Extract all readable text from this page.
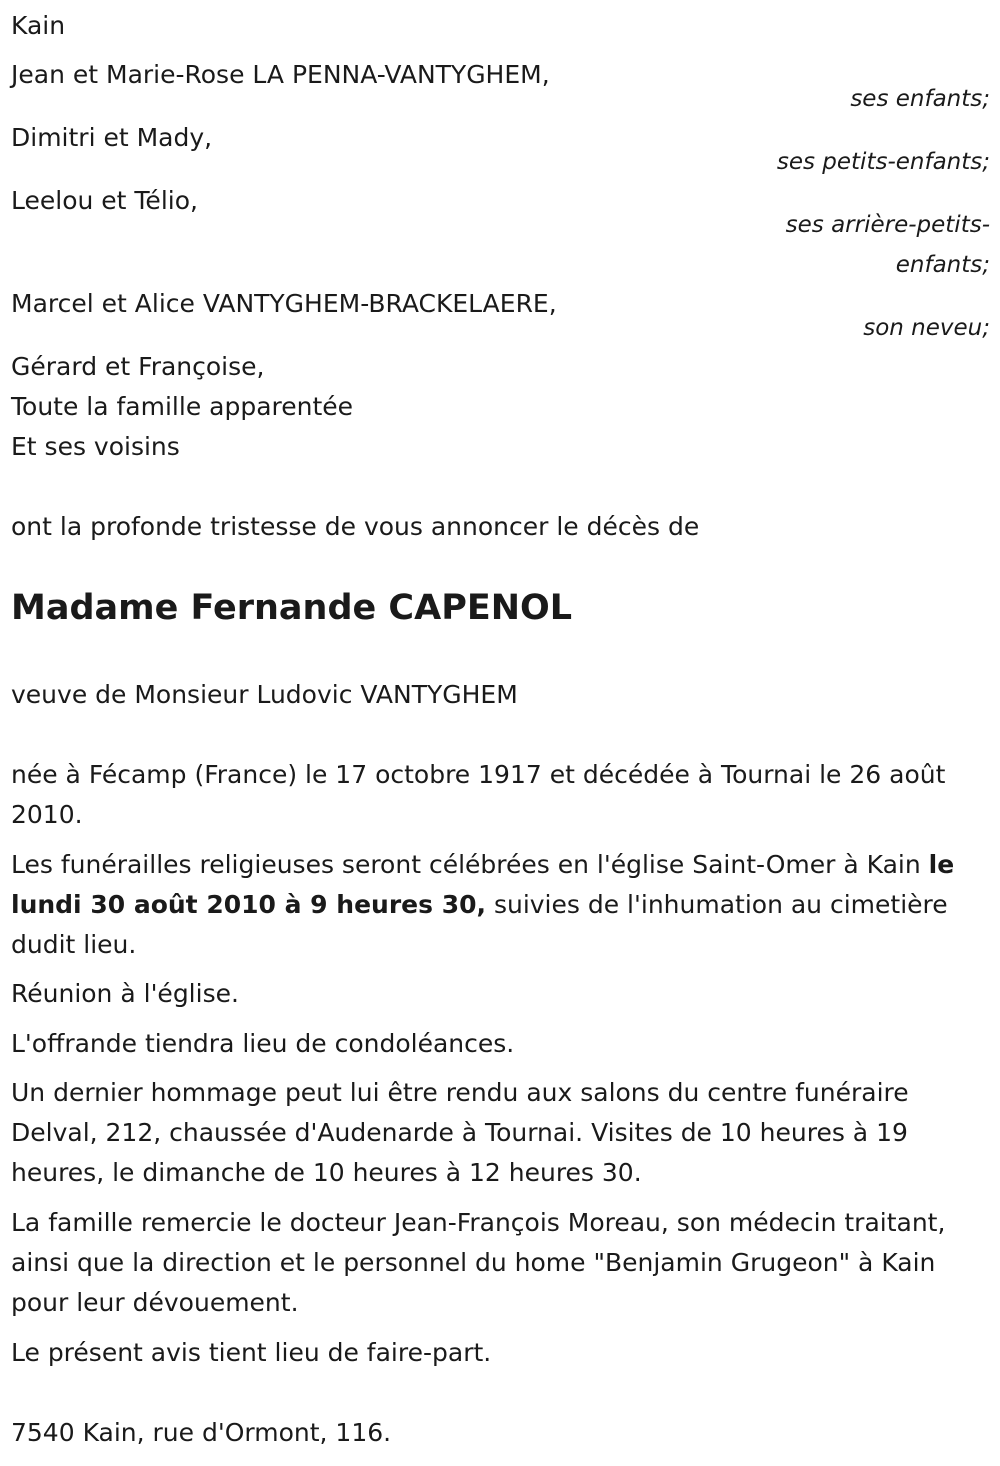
Kain
Jean et Marie-Rose LA PENNA-VANTYGHEM,
ses enfants;
Dimitri et Mady,
ses petits-enfants;
Leelou et Télio,
ses arrière-petits-
enfants;
Marcel et Alice VANTYGHEM-BRACKELAERE,
son neveu;
Gérard et Françoise,
Toute la famille apparentée
Et ses voisins
ont la profonde tristesse de vous annoncer le décès de
Madame Fernande CAPENOL
veuve de Monsieur Ludovic VANTYGHEM
née à Fécamp (France) le 17 octobre 1917 et décédée à Tournai le 26 août 2010.
Les funérailles religieuses seront célébrées en l'église Saint-Omer à Kain le lundi 30 août 2010 à 9 heures 30, suivies de l'inhumation au cimetière dudit lieu.
Réunion à l'église.
L'offrande tiendra lieu de condoléances.
Un dernier hommage peut lui être rendu aux salons du centre funéraire Delval, 212, chaussée d'Audenarde à Tournai. Visites de 10 heures à 19 heures, le dimanche de 10 heures à 12 heures 30.
La famille remercie le docteur Jean-François Moreau, son médecin traitant, ainsi que la direction et le personnel du home "Benjamin Grugeon" à Kain pour leur dévouement.
Le présent avis tient lieu de faire-part.
7540 Kain, rue d'Ormont, 116.
